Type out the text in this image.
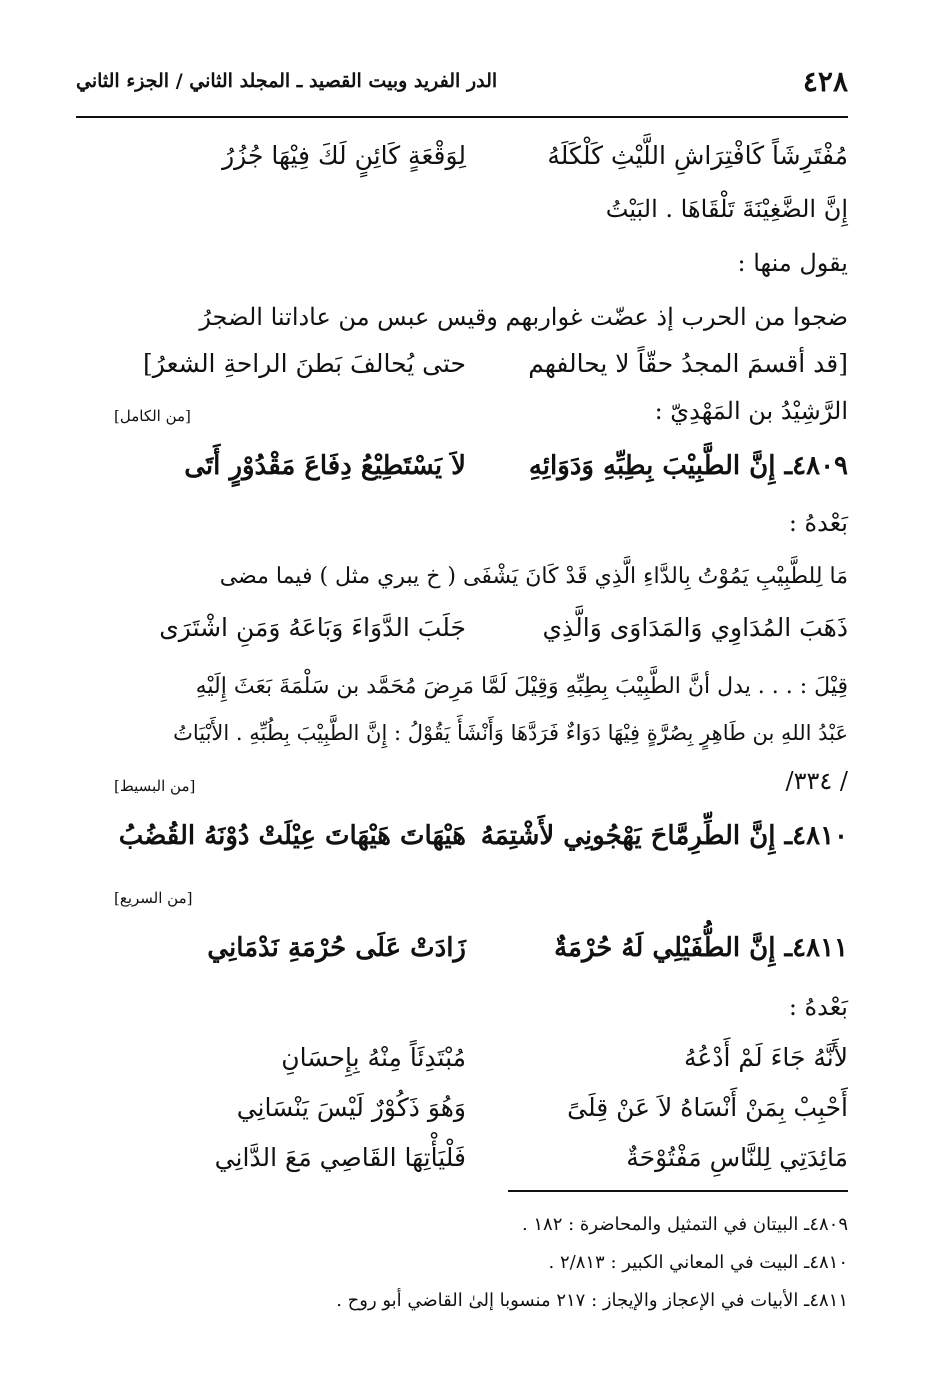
٤٢٨
الدر الفريد وبيت القصيد ـ المجلد الثاني / الجزء الثاني
مُفْتَرِشَاً كَافْتِرَاشِ اللَّيْثِ كَلْكَلَهُ
لِوَقْعَةٍ كَائِنٍ لَكَ فِيْهَا جُزُرُ
إِنَّ الضَّغِيْنَةَ تَلْقَاهَا . البَيْتُ
يقول منها :
ضجوا من الحرب إذ عضّت غواربهم وقيس عبس من عاداتنا الضجرُ
[قد أقسمَ المجدُ حقّاً لا يحالفهم
حتى يُحالفَ بَطنَ الراحةِ الشعرُ]
الرَّشِيْدُ بن المَهْدِيّ :
[من الكامل]
٤٨٠٩ـ إِنَّ الطَّبِيْبَ بِطِبِّهِ وَدَوَائِهِ
لاَ يَسْتَطِيْعُ دِفَاعَ مَقْدُوْرٍ أَتَى
بَعْدهُ :
مَا لِلطَّبِيْبِ يَمُوْتُ بِالدَّاءِ الَّذِي قَدْ كَانَ يَشْفَى ( خ يبري مثل ) فيما مضى
ذَهَبَ المُدَاوِي وَالمَدَاوَى وَالَّذِي
جَلَبَ الدَّوَاءَ وَبَاعَهُ وَمَنِ اشْتَرَى
قِيْلَ : . . . يدل أنَّ الطَّبِيْبَ بِطِبِّهِ وَقِيْلَ لَمَّا مَرِضَ مُحَمَّد بن سَلْمَةَ بَعَثَ إِلَيْهِ
عَبْدُ اللهِ بن طَاهِرٍ بِصُرَّةٍ فِيْهَا دَوَاءٌ فَرَدَّهَا وَأَنْشَأَ يَقُوْلُ : إِنَّ الطَّبِيْبَ بِطُبِّهِ . الأَبْيَاتُ
/ ٣٣٤/
[من البسيط]
٤٨١٠ـ إِنَّ الطِّرِمَّاحَ يَهْجُونِي لأَشْتِمَهُ
هَيْهَاتَ هَيْهَاتَ عِيْلَتْ دُوْنَهُ القُضُبُ
[من السريع]
٤٨١١ـ إِنَّ الطُّفَيْلِي لَهُ حُرْمَةٌ
زَادَتْ عَلَى حُرْمَةِ نَدْمَانِي
بَعْدهُ :
لأَنَّهُ جَاءَ لَمْ أَدْعُهُ
مُبْتَدِئَاً مِنْهُ بِإِحسَانِ
أَحْبِبْ بِمَنْ أَنْسَاهُ لاَ عَنْ قِلَىً
وَهُوَ ذَكُوْرٌ لَيْسَ يَنْسَانِي
مَائِدَتِي لِلنَّاسِ مَفْتُوْحَةٌ
فَلْيَأْتِهَا القَاصِي مَعَ الدَّانِي
٤٨٠٩ـ البيتان في التمثيل والمحاضرة : ١٨٢ .
٤٨١٠ـ البيت في المعاني الكبير : ٢/٨١٣ .
٤٨١١ـ الأبيات في الإعجاز والإيجاز : ٢١٧ منسوبا إلىٰ القاضي أبو روح .
